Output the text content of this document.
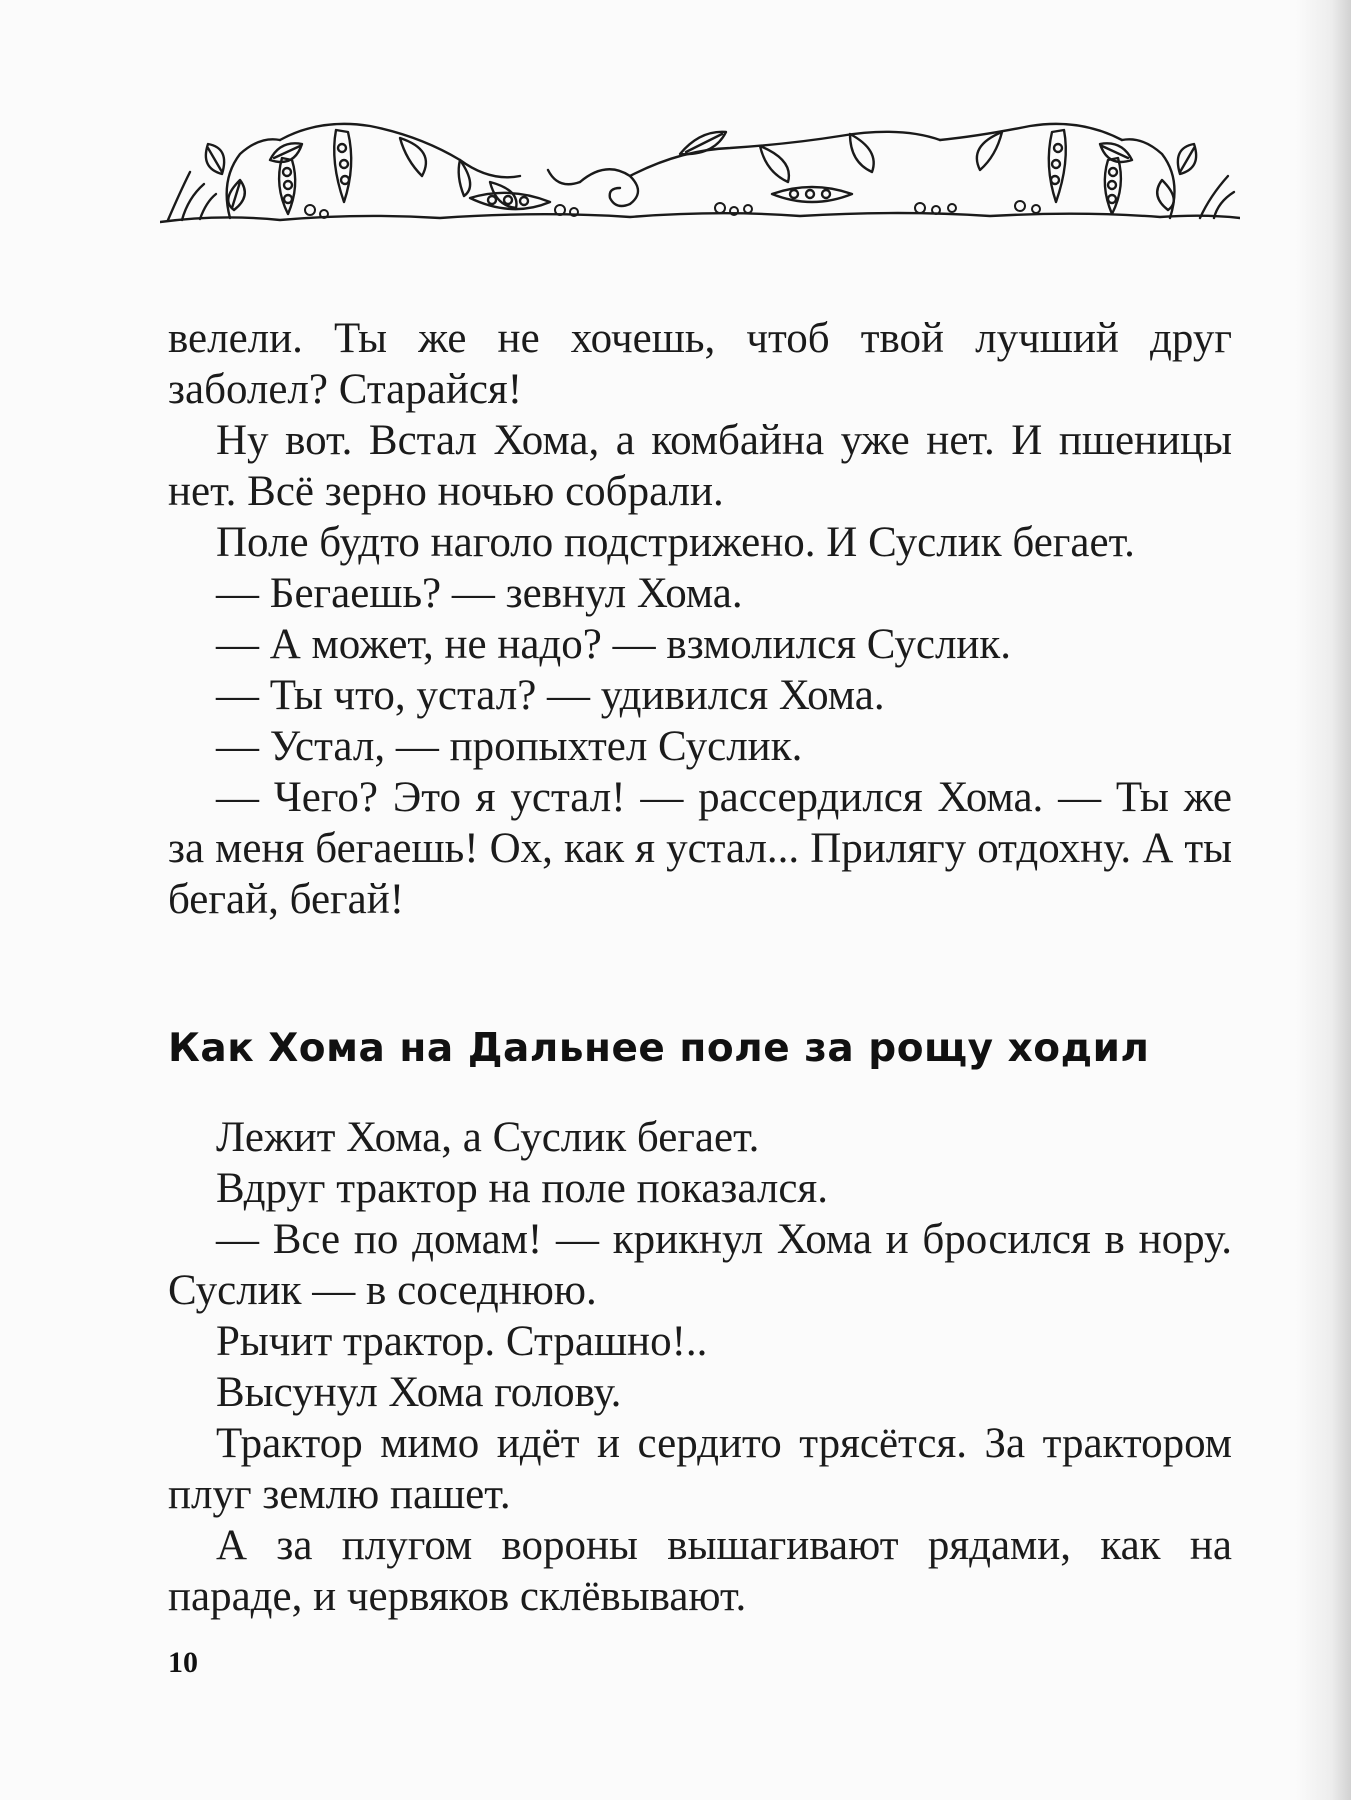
велели. Ты же не хочешь, чтоб твой лучший друг заболел? Старайся!

Ну вот. Встал Хома, а комбайна уже нет. И пшеницы нет. Всё зерно ночью собрали.

Поле будто наголо подстрижено. И Суслик бегает.

— Бегаешь? — зевнул Хома.

— А может, не надо? — взмолился Суслик.

— Ты что, устал? — удивился Хома.

— Устал, — пропыхтел Суслик.

— Чего? Это я устал! — рассердился Хома. — Ты же за меня бегаешь! Ох, как я устал... Прилягу отдохну. А ты бегай, бегай!

Как Хома на Дальнее поле за рощу ходил

Лежит Хома, а Суслик бегает.

Вдруг трактор на поле показался.

— Все по домам! — крикнул Хома и бросился в нору. Суслик — в соседнюю.

Рычит трактор. Страшно!..

Высунул Хома голову.

Трактор мимо идёт и сердито трясётся. За трактором плуг землю пашет.

А за плугом вороны вышагивают рядами, как на параде, и червяков склёвывают.

10
